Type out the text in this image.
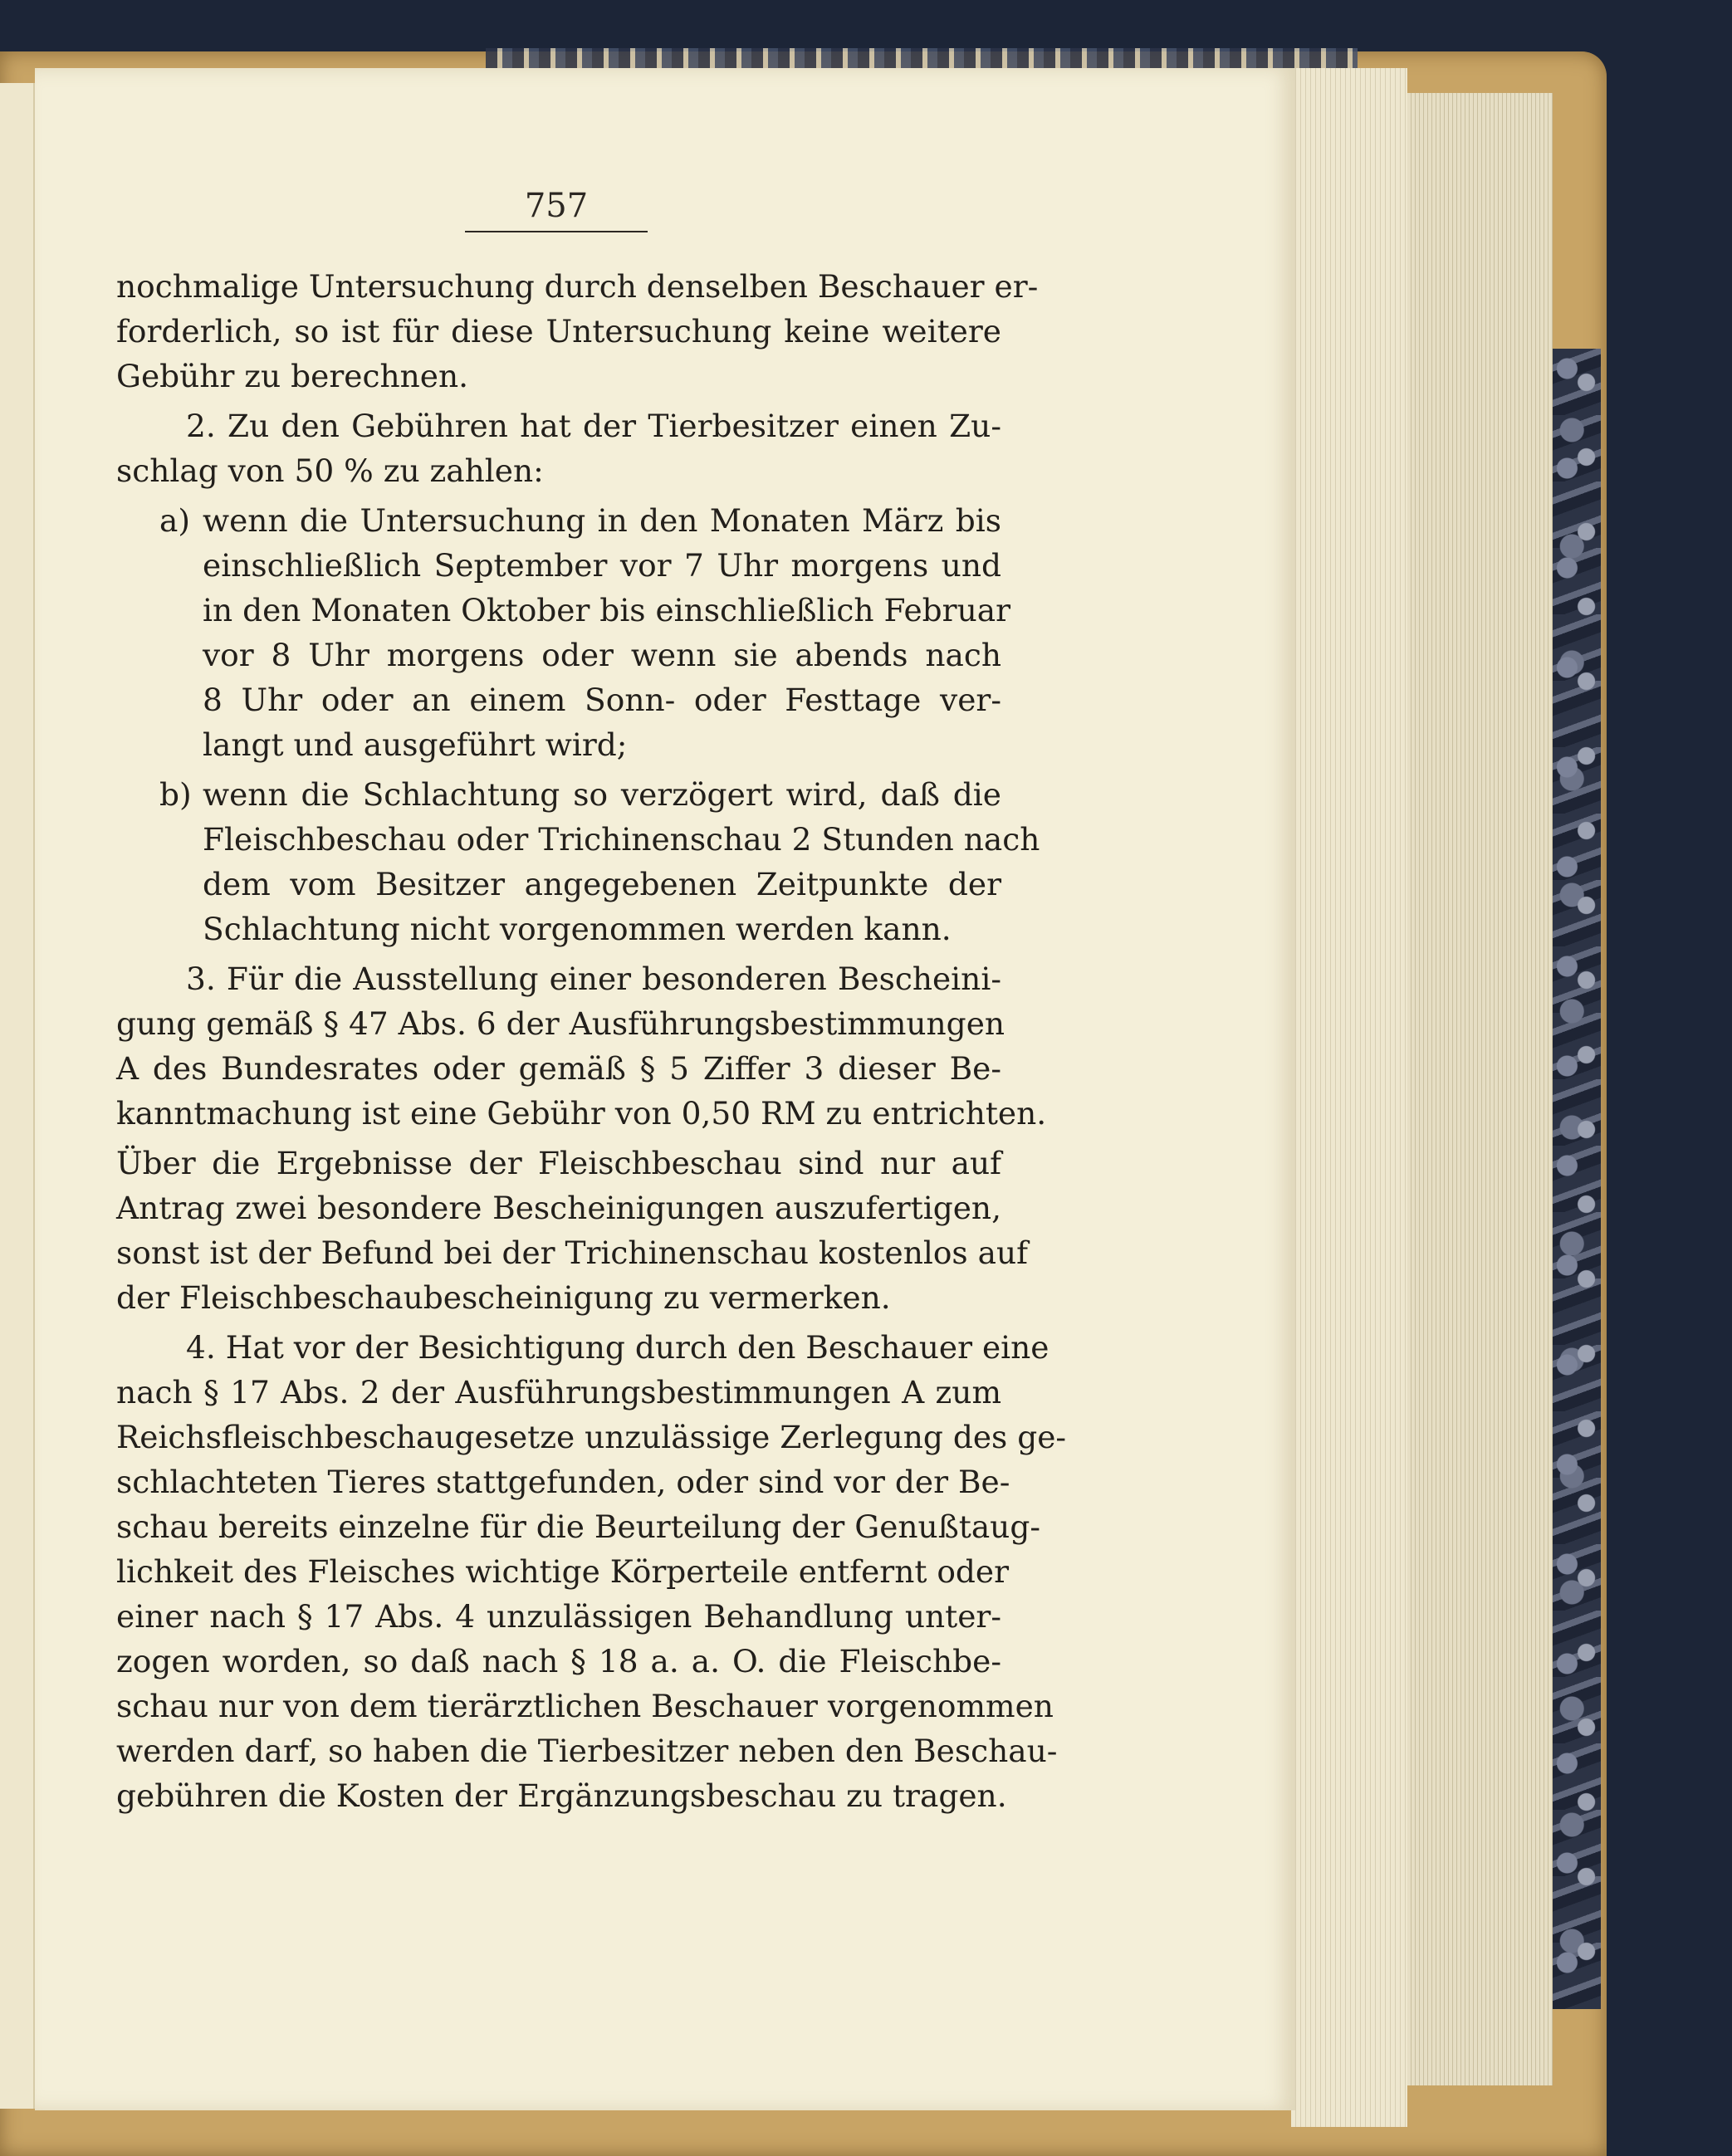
757
nochmalige Untersuchung durch denselben Beschauer er-
forderlich, so ist für diese Untersuchung keine weitere
Gebühr zu berechnen.
2. Zu den Gebühren hat der Tierbesitzer einen Zu-
schlag von 50 % zu zahlen:
a) wenn die Untersuchung in den Monaten März bis
einschließlich September vor 7 Uhr morgens und
in den Monaten Oktober bis einschließlich Februar
vor 8 Uhr morgens oder wenn sie abends nach
8 Uhr oder an einem Sonn- oder Festtage ver-
langt und ausgeführt wird;
b) wenn die Schlachtung so verzögert wird, daß die
Fleischbeschau oder Trichinenschau 2 Stunden nach
dem vom Besitzer angegebenen Zeitpunkte der
Schlachtung nicht vorgenommen werden kann.
3. Für die Ausstellung einer besonderen Bescheini-
gung gemäß § 47 Abs. 6 der Ausführungsbestimmungen
A des Bundesrates oder gemäß § 5 Ziffer 3 dieser Be-
kanntmachung ist eine Gebühr von 0,50 RM zu entrichten.
Über die Ergebnisse der Fleischbeschau sind nur auf
Antrag zwei besondere Bescheinigungen auszufertigen,
sonst ist der Befund bei der Trichinenschau kostenlos auf
der Fleischbeschaubescheinigung zu vermerken.
4. Hat vor der Besichtigung durch den Beschauer eine
nach § 17 Abs. 2 der Ausführungsbestimmungen A zum
Reichsfleischbeschaugesetze unzulässige Zerlegung des ge-
schlachteten Tieres stattgefunden, oder sind vor der Be-
schau bereits einzelne für die Beurteilung der Genußtaug-
lichkeit des Fleisches wichtige Körperteile entfernt oder
einer nach § 17 Abs. 4 unzulässigen Behandlung unter-
zogen worden, so daß nach § 18 a. a. O. die Fleischbe-
schau nur von dem tierärztlichen Beschauer vorgenommen
werden darf, so haben die Tierbesitzer neben den Beschau-
gebühren die Kosten der Ergänzungsbeschau zu tragen.
